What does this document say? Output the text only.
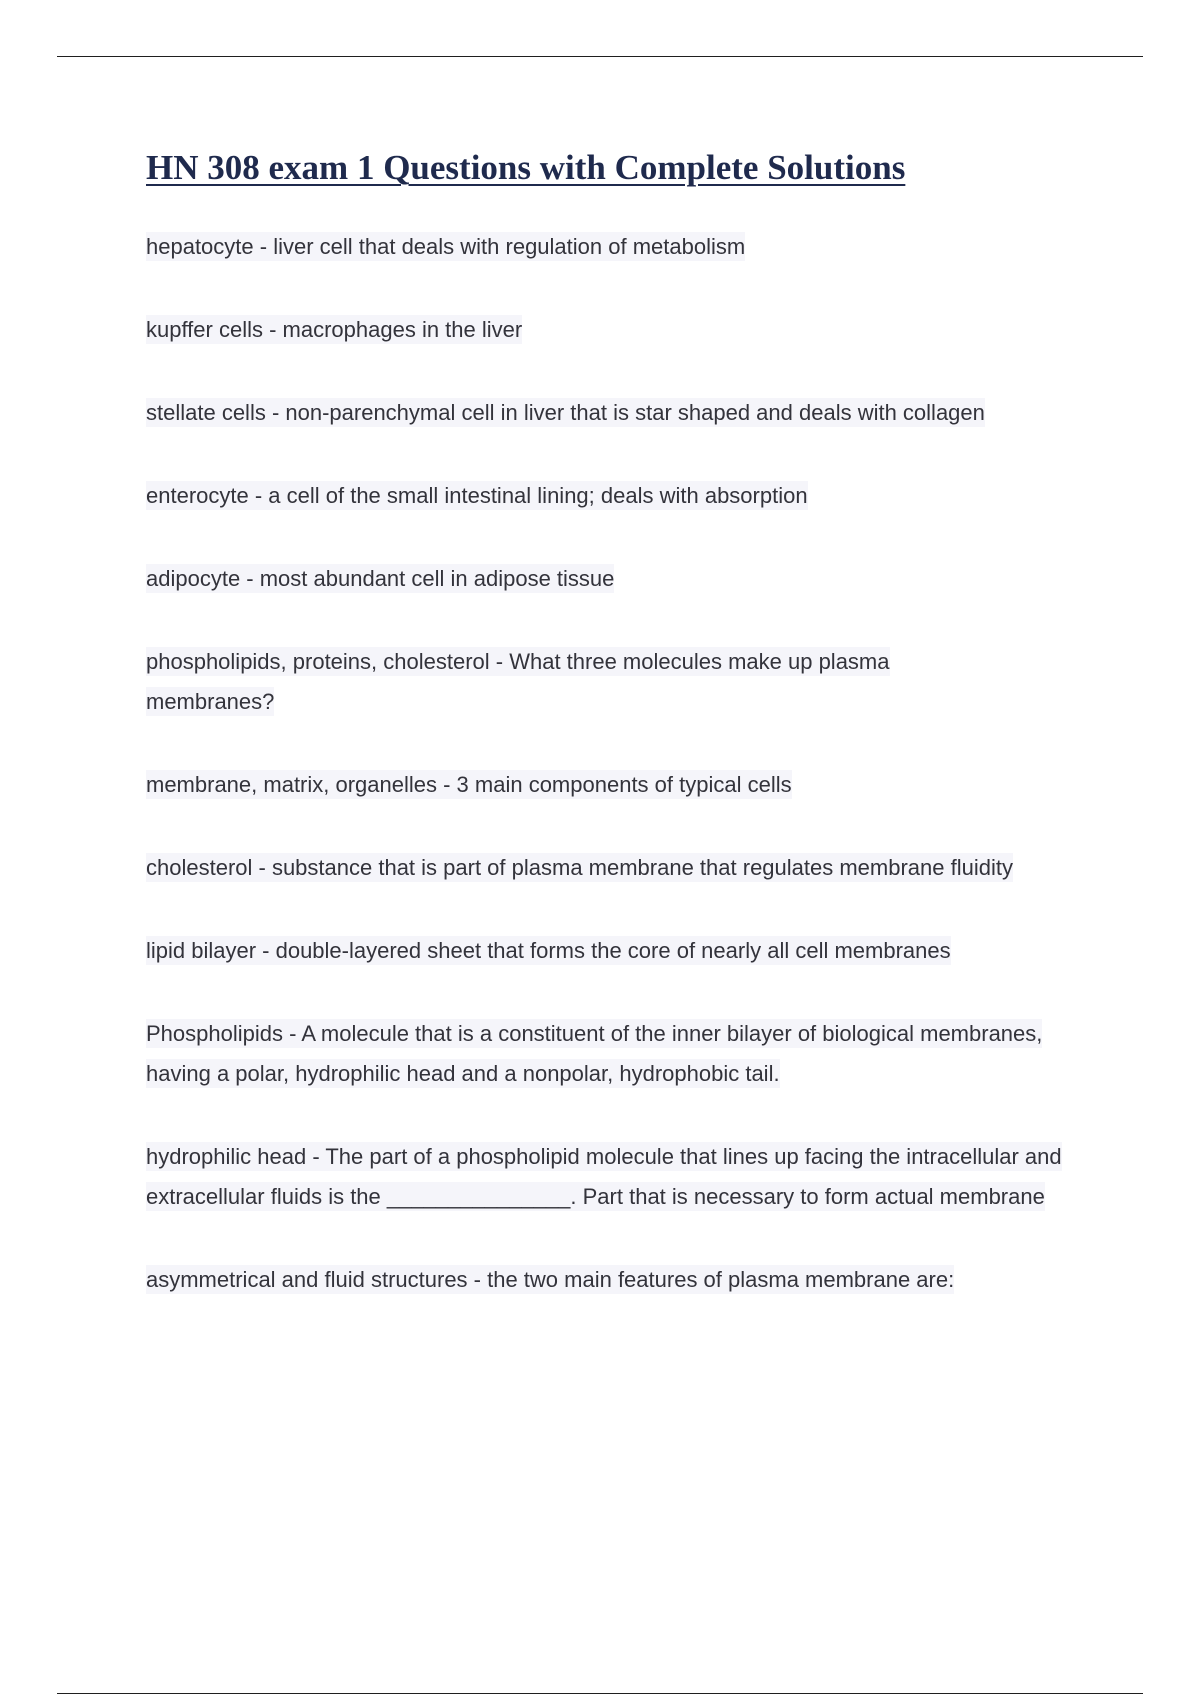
HN 308 exam 1 Questions with Complete Solutions
hepatocyte - liver cell that deals with regulation of metabolism
kupffer cells - macrophages in the liver
stellate cells - non-parenchymal cell in liver that is star shaped and deals with collagen
enterocyte - a cell of the small intestinal lining; deals with absorption
adipocyte - most abundant cell in adipose tissue
phospholipids, proteins, cholesterol - What three molecules make up plasma membranes?
membrane, matrix, organelles - 3 main components of typical cells
cholesterol - substance that is part of plasma membrane that regulates membrane fluidity
lipid bilayer - double-layered sheet that forms the core of nearly all cell membranes
Phospholipids - A molecule that is a constituent of the inner bilayer of biological membranes, having a polar, hydrophilic head and a nonpolar, hydrophobic tail.
hydrophilic head - The part of a phospholipid molecule that lines up facing the intracellular and extracellular fluids is the _______________. Part that is necessary to form actual membrane
asymmetrical and fluid structures - the two main features of plasma membrane are:
